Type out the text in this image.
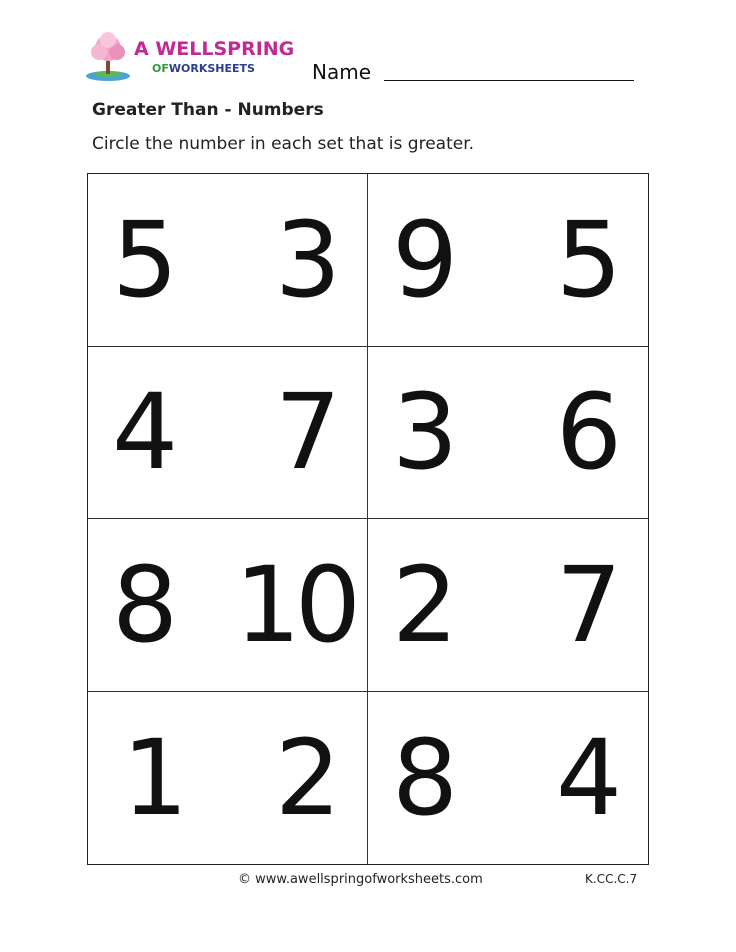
A WELLSPRING
OFWORKSHEETS	Name
Greater Than - Numbers
Circle the number in each set that is greater.
5 3 9 5
4 7 3 6
8 10 2 7
1 2 8 4
© www.awellspringofworksheets.com	K.CC.C.7
